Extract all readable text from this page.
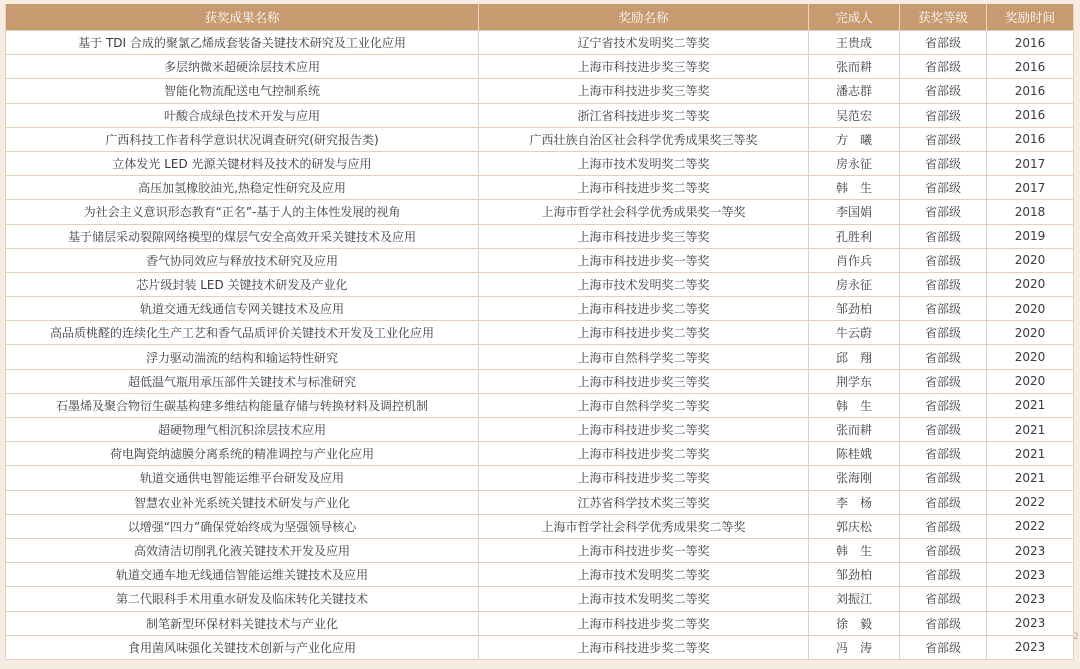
获奖成果名称	奖励名称	完成人	获奖等级	奖励时间
基于 TDI 合成的聚氯乙烯成套装备关键技术研究及工业化应用	辽宁省技术发明奖二等奖	王贵成	省部级	2016
多层纳微米超硬涂层技术应用	上海市科技进步奖三等奖	张而耕	省部级	2016
智能化物流配送电气控制系统	上海市科技进步奖三等奖	潘志群	省部级	2016
叶酸合成绿色技术开发与应用	浙江省科技进步奖二等奖	吴范宏	省部级	2016
广西科技工作者科学意识状况调查研究(研究报告类)	广西壮族自治区社会科学优秀成果奖三等奖	方　曦	省部级	2016
立体发光 LED 光源关键材料及技术的研发与应用	上海市技术发明奖二等奖	房永征	省部级	2017
高压加氢橡胶油光,热稳定性研究及应用	上海市科技进步奖二等奖	韩　生	省部级	2017
为社会主义意识形态教育“正名”-基于人的主体性发展的视角	上海市哲学社会科学优秀成果奖一等奖	李国娟	省部级	2018
基于储层采动裂隙网络模型的煤层气安全高效开采关键技术及应用	上海市科技进步奖三等奖	孔胜利	省部级	2019
香气协同效应与释放技术研究及应用	上海市科技进步奖一等奖	肖作兵	省部级	2020
芯片级封装 LED 关键技术研发及产业化	上海市技术发明奖二等奖	房永征	省部级	2020
轨道交通无线通信专网关键技术及应用	上海市科技进步奖二等奖	邹劲柏	省部级	2020
高品质桃醛的连续化生产工艺和香气品质评价关键技术开发及工业化应用	上海市科技进步奖二等奖	牛云蔚	省部级	2020
浮力驱动湍流的结构和输运特性研究	上海市自然科学奖二等奖	邱　翔	省部级	2020
超低温气瓶用承压部件关键技术与标准研究	上海市科技进步奖三等奖	荆学东	省部级	2020
石墨烯及聚合物衍生碳基构建多维结构能量存储与转换材料及调控机制	上海市自然科学奖二等奖	韩　生	省部级	2021
超硬物理气相沉积涂层技术应用	上海市科技进步奖二等奖	张而耕	省部级	2021
荷电陶瓷纳滤膜分离系统的精准调控与产业化应用	上海市科技进步奖二等奖	陈桂娥	省部级	2021
轨道交通供电智能运维平台研发及应用	上海市科技进步奖二等奖	张海刚	省部级	2021
智慧农业补光系统关键技术研发与产业化	江苏省科学技术奖三等奖	李　杨	省部级	2022
以增强“四力”确保党始终成为坚强领导核心	上海市哲学社会科学优秀成果奖二等奖	郭庆松	省部级	2022
高效清洁切削乳化液关键技术开发及应用	上海市科技进步奖一等奖	韩　生	省部级	2023
轨道交通车地无线通信智能运维关键技术及应用	上海市技术发明奖二等奖	邹劲柏	省部级	2023
第二代眼科手术用重水研发及临床转化关键技术	上海市技术发明奖二等奖	刘振江	省部级	2023
制笔新型环保材料关键技术与产业化	上海市科技进步奖二等奖	徐　毅	省部级	2023
食用菌风味强化关键技术创新与产业化应用	上海市科技进步奖二等奖	冯　涛	省部级	2023
2
